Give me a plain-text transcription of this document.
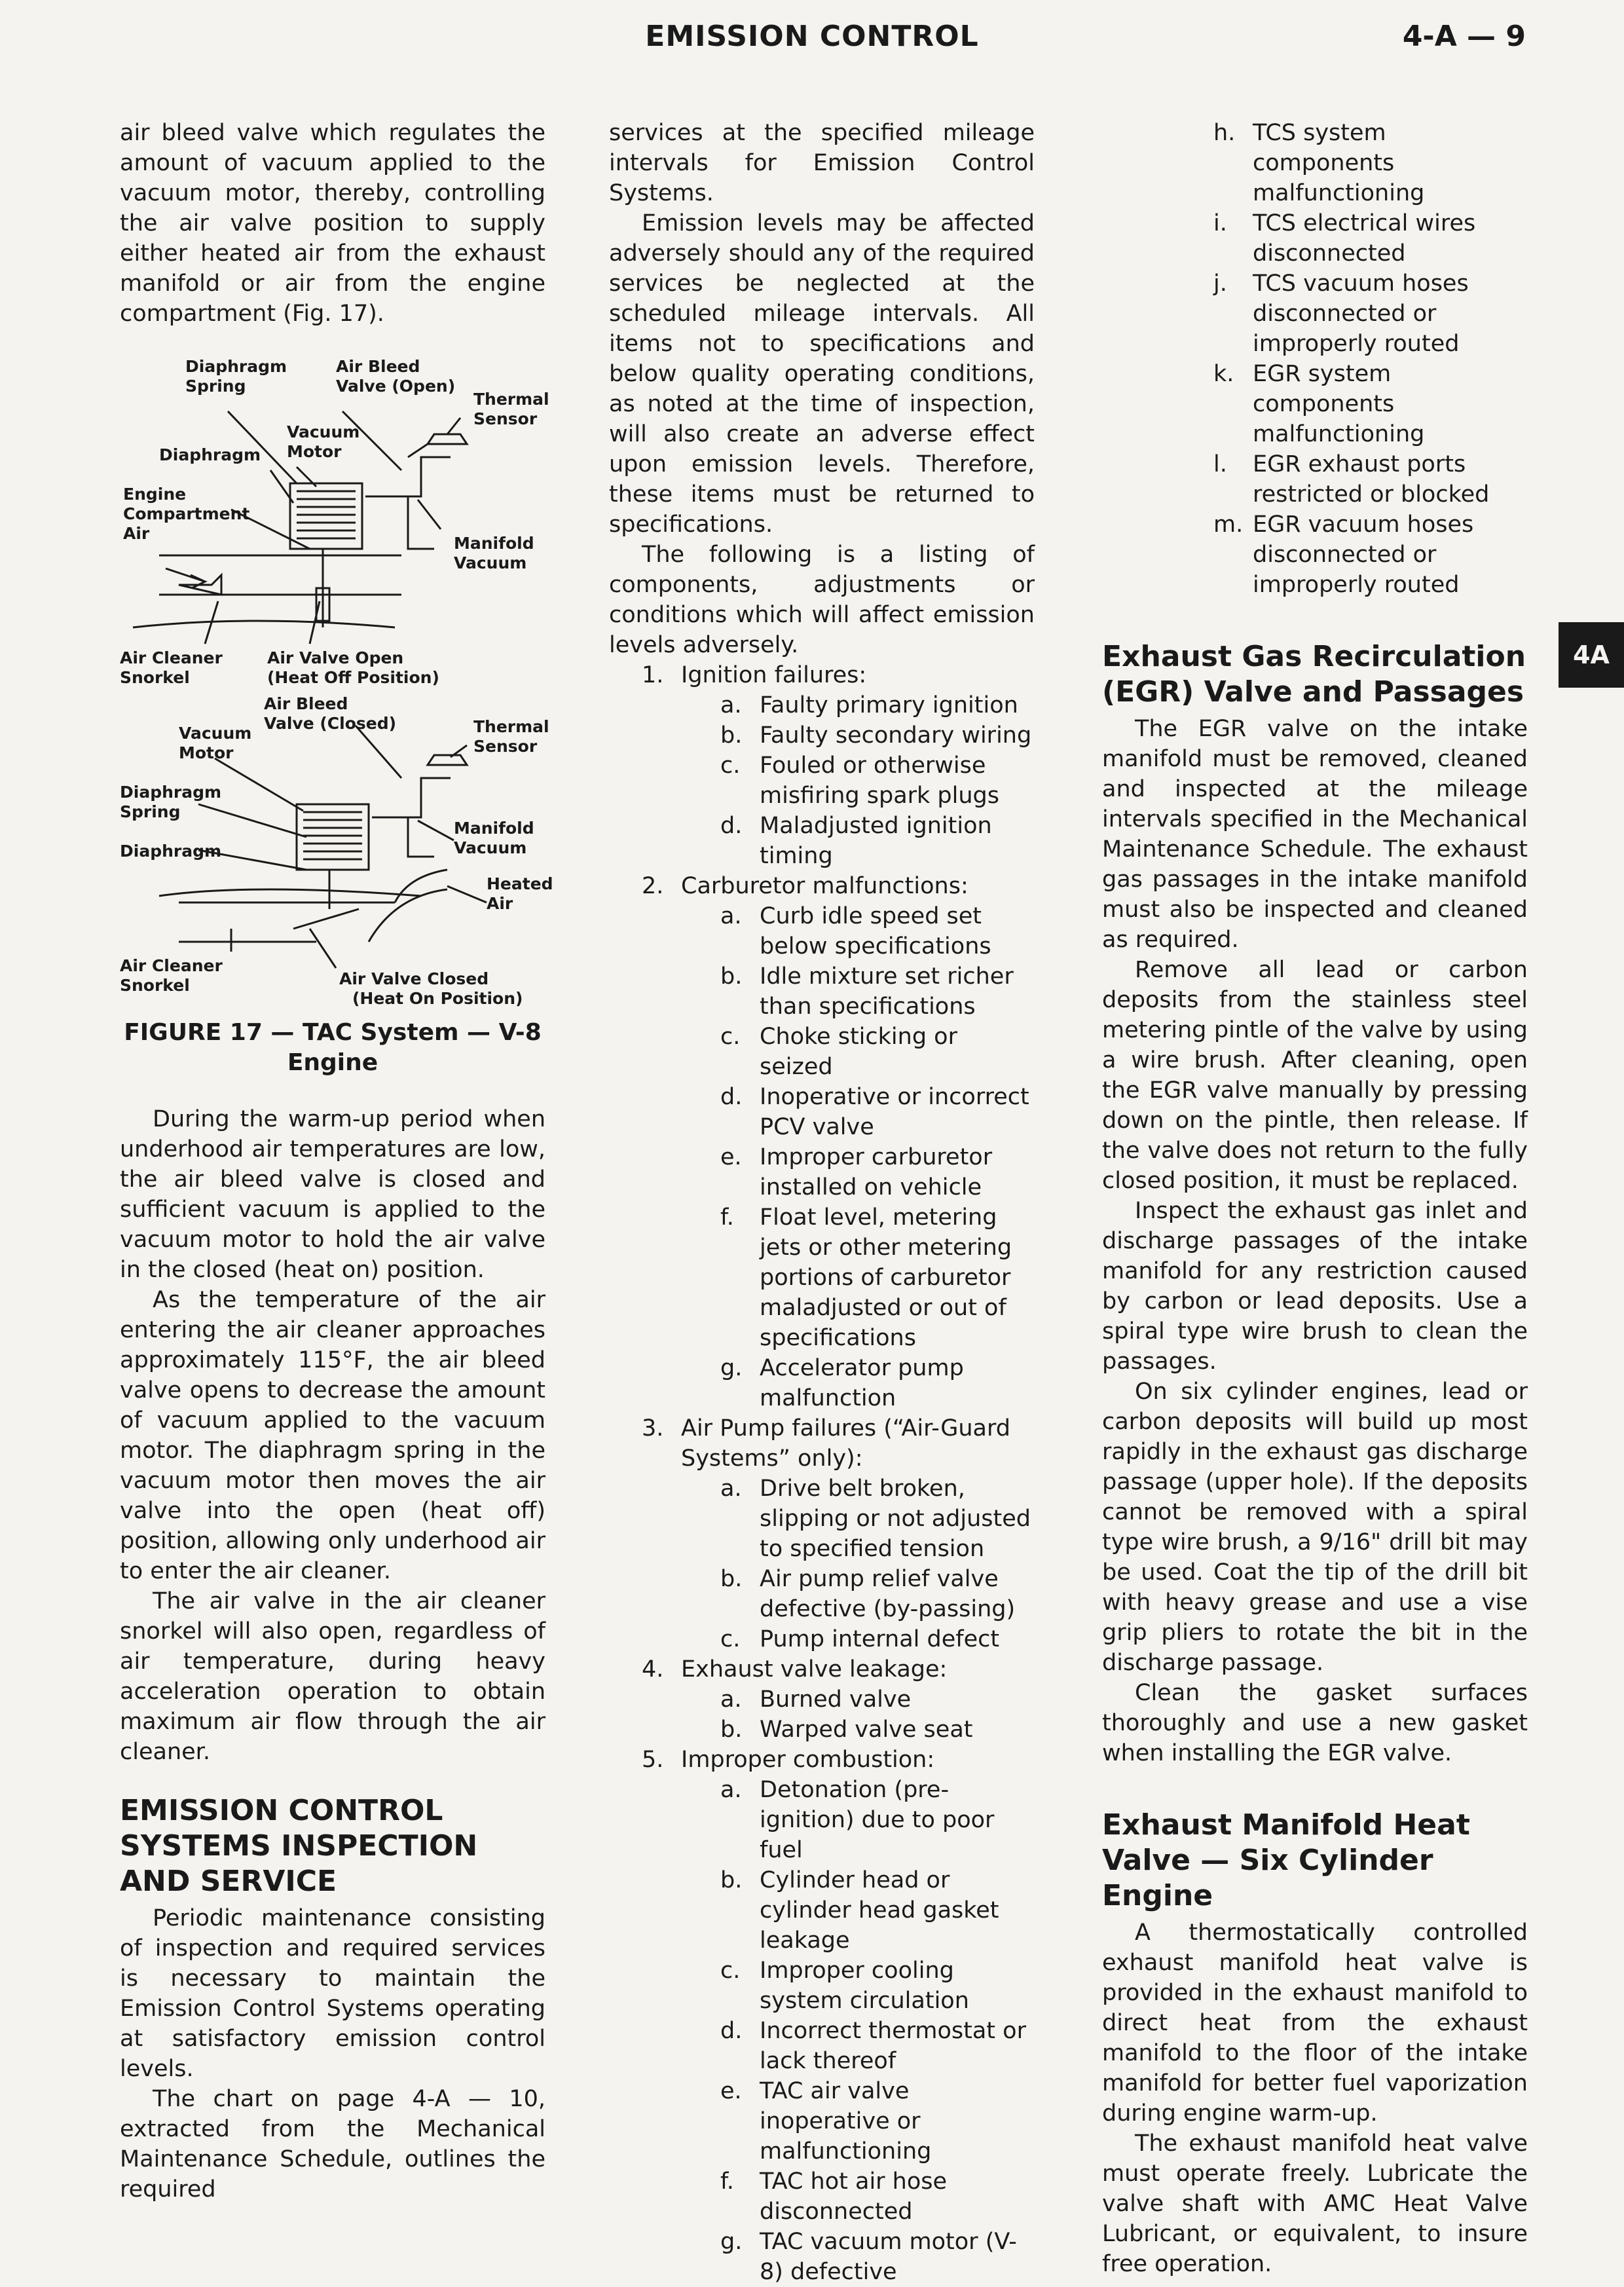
EMISSION CONTROL	4-A — 9
4A

air bleed valve which regulates the amount of vacuum applied to the vacuum motor, thereby, controlling the air valve position to supply either heated air from the exhaust manifold or air from the engine compartment (Fig. 17).

Diaphragm
Spring
Air Bleed
Valve (Open)
Thermal
Sensor
Vacuum
Motor
Diaphragm
Engine
Compartment
Air
Manifold
Vacuum
Air Cleaner
Snorkel
Air Valve Open
(Heat Off Position)
Thermal
Sensor
Air Bleed
Valve (Closed)
Vacuum
Motor
Diaphragm
Spring
Diaphragm
Manifold
Vacuum
Heated
Air
Air Cleaner
Snorkel	Air Valve Closed
(Heat On Position)
FIGURE 17 — TAC System — V-8 Engine

During the warm-up period when underhood air temperatures are low, the air bleed valve is closed and sufficient vacuum is applied to the vacuum motor to hold the air valve in the closed (heat on) position.

As the temperature of the air entering the air cleaner approaches approximately 115°F, the air bleed valve opens to decrease the amount of vacuum applied to the vacuum motor. The diaphragm spring in the vacuum motor then moves the air valve into the open (heat off) position, allowing only underhood air to enter the air cleaner.

The air valve in the air cleaner snorkel will also open, regardless of air temperature, during heavy acceleration operation to obtain maximum air flow through the air cleaner.

EMISSION CONTROL SYSTEMS INSPECTION AND SERVICE

Periodic maintenance consisting of inspection and required services is necessary to maintain the Emission Control Systems operating at satisfactory emission control levels.

The chart on page 4-A — 10, extracted from the Mechanical Maintenance Schedule, outlines the required

services at the specified mileage intervals for Emission Control Systems.

Emission levels may be affected adversely should any of the required services be neglected at the scheduled mileage intervals. All items not to specifications and below quality operating conditions, as noted at the time of inspection, will also create an adverse effect upon emission levels. Therefore, these items must be returned to specifications.

The following is a listing of components, adjustments or conditions which will affect emission levels adversely.

1. Ignition failures:
a. Faulty primary ignition
b. Faulty secondary wiring
c. Fouled or otherwise misfiring spark plugs
d. Maladjusted ignition timing
2. Carburetor malfunctions:
a. Curb idle speed set below specifications
b. Idle mixture set richer than specifications
c. Choke sticking or seized
d. Inoperative or incorrect PCV valve
e. Improper carburetor installed on vehicle
f. Float level, metering jets or other metering portions of carburetor maladjusted or out of specifications
g. Accelerator pump malfunction
3. Air Pump failures (“Air-Guard Systems” only):
a. Drive belt broken, slipping or not adjusted to specified tension
b. Air pump relief valve defective (by-passing)
c. Pump internal defect
4. Exhaust valve leakage:
a. Burned valve
b. Warped valve seat
5. Improper combustion:
a. Detonation (pre-ignition) due to poor fuel
b. Cylinder head or cylinder head gasket leakage
c. Improper cooling system circulation
d. Incorrect thermostat or lack thereof
e. TAC air valve inoperative or malfunctioning
f. TAC hot air hose disconnected
g. TAC vacuum motor (V-8) defective
h. TCS system components malfunctioning
i. TCS electrical wires disconnected
j. TCS vacuum hoses disconnected or improperly routed
k. EGR system components malfunctioning
l. EGR exhaust ports restricted or blocked
m. EGR vacuum hoses disconnected or improperly routed
Exhaust Gas Recirculation (EGR) Valve and Passages

The EGR valve on the intake manifold must be removed, cleaned and inspected at the mileage intervals specified in the Mechanical Maintenance Schedule. The exhaust gas passages in the intake manifold must also be inspected and cleaned as required.

Remove all lead or carbon deposits from the stainless steel metering pintle of the valve by using a wire brush. After cleaning, open the EGR valve manually by pressing down on the pintle, then release. If the valve does not return to the fully closed position, it must be replaced.

Inspect the exhaust gas inlet and discharge passages of the intake manifold for any restriction caused by carbon or lead deposits. Use a spiral type wire brush to clean the passages.

On six cylinder engines, lead or carbon deposits will build up most rapidly in the exhaust gas discharge passage (upper hole). If the deposits cannot be removed with a spiral type wire brush, a 9/16" drill bit may be used. Coat the tip of the drill bit with heavy grease and use a vise grip pliers to rotate the bit in the discharge passage.

Clean the gasket surfaces thoroughly and use a new gasket when installing the EGR valve.

Exhaust Manifold Heat Valve — Six Cylinder Engine

A thermostatically controlled exhaust manifold heat valve is provided in the exhaust manifold to direct heat from the exhaust manifold to the floor of the intake manifold for better fuel vaporization during engine warm-up.

The exhaust manifold heat valve must operate freely. Lubricate the valve shaft with AMC Heat Valve Lubricant, or equivalent, to insure free operation.
